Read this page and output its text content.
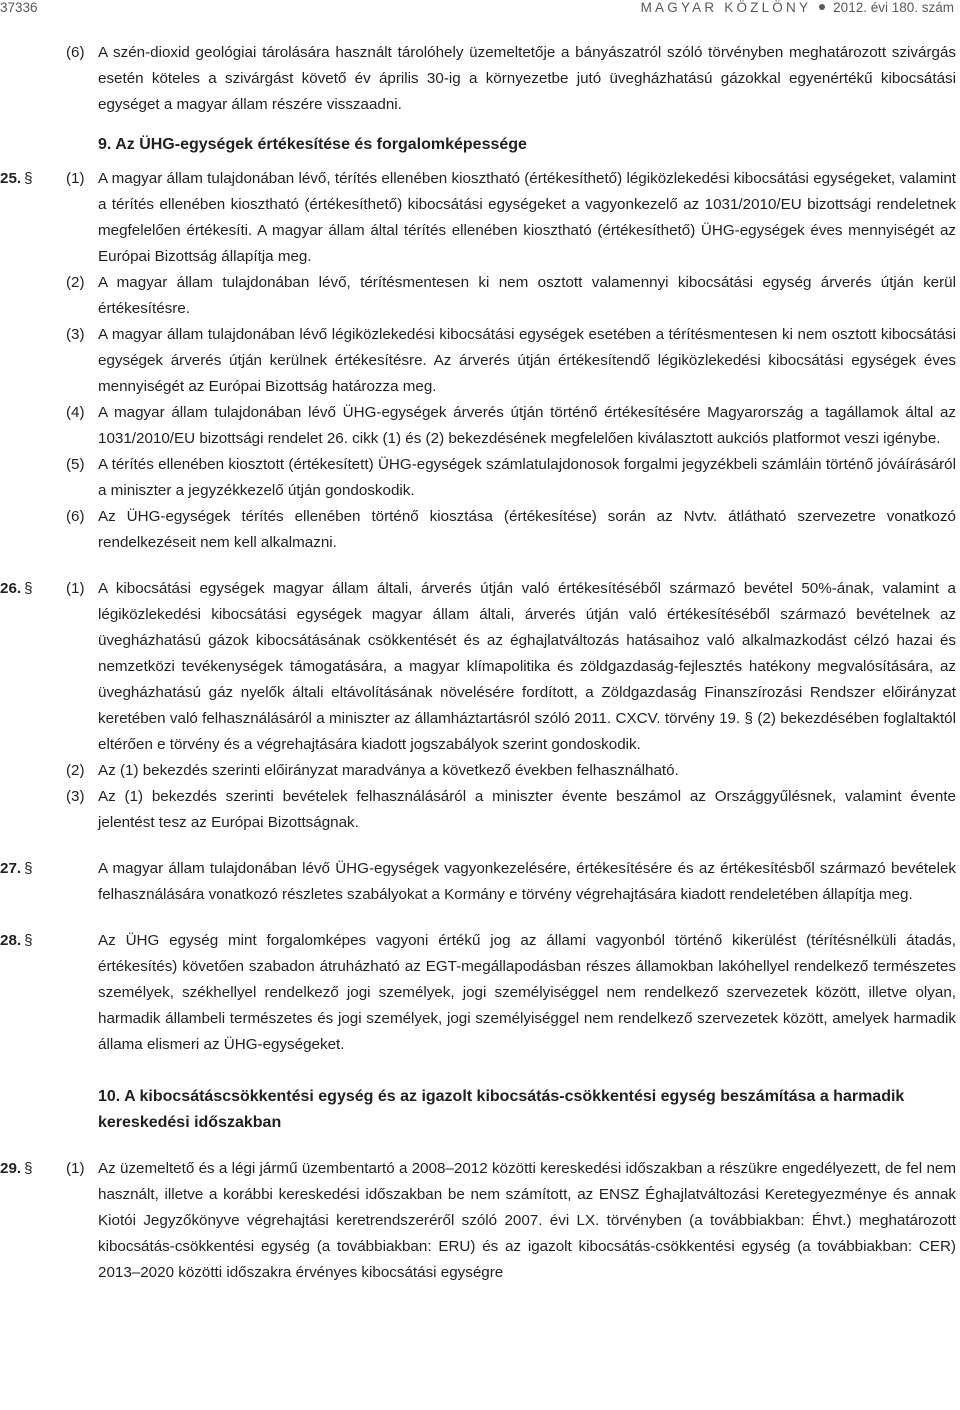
37336	MAGYAR KÖZLÖNY 2012. évi 180. szám
(6) A szén-dioxid geológiai tárolására használt tárolóhely üzemeltetője a bányászatról szóló törvényben meghatározott szivárgás esetén köteles a szivárgást követő év április 30-ig a környezetbe jutó üvegházhatású gázokkal egyenértékű kibocsátási egységet a magyar állam részére visszaadni.

9. Az ÜHG-egységek értékesítése és forgalomképessége
25. § (1) A magyar állam tulajdonában lévő, térítés ellenében kiosztható (értékesíthető) légiközlekedési kibocsátási egységeket, valamint a térítés ellenében kiosztható (értékesíthető) kibocsátási egységeket a vagyonkezelő az 1031/2010/EU bizottsági rendeletnek megfelelően értékesíti. A magyar állam által térítés ellenében kiosztható (értékesíthető) ÜHG-egységek éves mennyiségét az Európai Bizottság állapítja meg.

(2) A magyar állam tulajdonában lévő, térítésmentesen ki nem osztott valamennyi kibocsátási egység árverés útján kerül értékesítésre.

(3) A magyar állam tulajdonában lévő légiközlekedési kibocsátási egységek esetében a térítésmentesen ki nem osztott kibocsátási egységek árverés útján kerülnek értékesítésre. Az árverés útján értékesítendő légiközlekedési kibocsátási egységek éves mennyiségét az Európai Bizottság határozza meg.

(4) A magyar állam tulajdonában lévő ÜHG-egységek árverés útján történő értékesítésére Magyarország a tagállamok által az 1031/2010/EU bizottsági rendelet 26. cikk (1) és (2) bekezdésének megfelelően kiválasztott aukciós platformot veszi igénybe.

(5) A térítés ellenében kiosztott (értékesített) ÜHG-egységek számlatulajdonosok forgalmi jegyzékbeli számláin történő jóváírásáról a miniszter a jegyzékkezelő útján gondoskodik.

(6) Az ÜHG-egységek térítés ellenében történő kiosztása (értékesítése) során az Nvtv. átlátható szervezetre vonatkozó rendelkezéseit nem kell alkalmazni.

26. § (1) A kibocsátási egységek magyar állam általi, árverés útján való értékesítéséből származó bevétel 50%-ának, valamint a légiközlekedési kibocsátási egységek magyar állam általi, árverés útján való értékesítéséből származó bevételnek az üvegházhatású gázok kibocsátásának csökkentését és az éghajlatváltozás hatásaihoz való alkalmazkodást célzó hazai és nemzetközi tevékenységek támogatására, a magyar klímapolitika és zöldgazdaság-fejlesztés hatékony megvalósítására, az üvegházhatású gáz nyelők általi eltávolításának növelésére fordított, a Zöldgazdaság Finanszírozási Rendszer előirányzat keretében való felhasználásáról a miniszter az államháztartásról szóló 2011. CXCV. törvény 19. § (2) bekezdésében foglaltaktól eltérően e törvény és a végrehajtására kiadott jogszabályok szerint gondoskodik.

(2) Az (1) bekezdés szerinti előirányzat maradványa a következő években felhasználható.

(3) Az (1) bekezdés szerinti bevételek felhasználásáról a miniszter évente beszámol az Országgyűlésnek, valamint évente jelentést tesz az Európai Bizottságnak.

27. §	A magyar állam tulajdonában lévő ÜHG-egységek vagyonkezelésére, értékesítésére és az értékesítésből származó bevételek felhasználására vonatkozó részletes szabályokat a Kormány e törvény végrehajtására kiadott rendeletében állapítja meg.

28. §	Az ÜHG egység mint forgalomképes vagyoni értékű jog az állami vagyonból történő kikerülést (térítésnélküli átadás, értékesítés) követően szabadon átruházható az EGT-megállapodásban részes államokban lakóhellyel rendelkező természetes személyek, székhellyel rendelkező jogi személyek, jogi személyiséggel nem rendelkező szervezetek között, illetve olyan, harmadik állambeli természetes és jogi személyek, jogi személyiséggel nem rendelkező szervezetek között, amelyek harmadik állama elismeri az ÜHG-egységeket.

10. A kibocsátáscsökkentési egység és az igazolt kibocsátás-csökkentési egység beszámítása a harmadik kereskedési időszakban
29. § (1) Az üzemeltető és a légi jármű üzembentartó a 2008–2012 közötti kereskedési időszakban a részükre engedélyezett, de fel nem használt, illetve a korábbi kereskedési időszakban be nem számított, az ENSZ Éghajlatváltozási Keretegyezménye és annak Kiotói Jegyzőkönyve végrehajtási keretrendszeréről szóló 2007. évi LX. törvényben (a továbbiakban: Éhvt.) meghatározott kibocsátás-csökkentési egység (a továbbiakban: ERU) és az igazolt kibocsátás-csökkentési egység (a továbbiakban: CER) 2013–2020 közötti időszakra érvényes kibocsátási egységre
